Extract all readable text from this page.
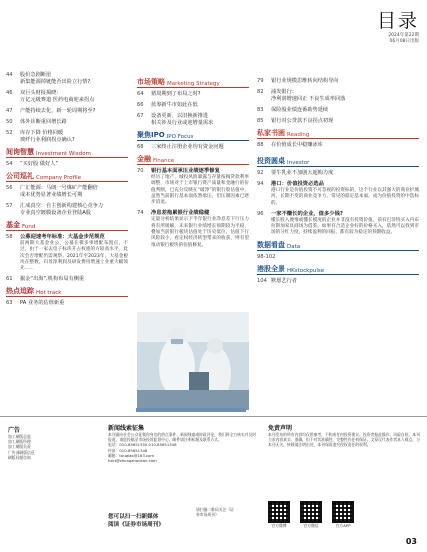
目录
2024年第22期
06月08日出版
44	股价急剧断崖
新集能源掉链能否出险立行情?
46	双巨头财报揭晓:
万亿元级赛道 医药电商迎来拐点
47	产能持续去化，新一轮周期将至?
50	体外诊断重回增长路
52	库存下降 价格回暖
玻纤行业利润拐点确认?
间询智慧 Investment Wisdom
54	“买好股 做好人”
公司巡礼 Company Profile
56	广汇能源：马朗一号煤矿产能翻倍
成本优势显著业绩增长可期
57	汇成真空：自主创新构建核心竞争力
专业真空镀膜设备企业登陆A股
基金 Fund
58	公募迎速考年标准：大基金步范规范
前两期大基金业公，公募在模多事增配布置点，不过，由于一家去电子标块开占权重的方较高水平，此次会否增配仍需观察。2021年至2023年，大基金板块在整数、归母净利润及研发费用增速上业重大幅领先……
61	掘金“出海”,机构布局有侧重
热点追踪 Hot track
63	PA 业务的估值新重
市场策略 Marketing Strategy
64	猪周期到了布局之时?
66	蓝筹新牛市如此在低
67	设备更新、以旧换新推进
相关涉及行业或迎增量需求
聚焦IPO IPO Focus
68	三家终止注册企业均有资金问题
金融 Finance
70	银行基本面承压业绩逐季修复
经历了地产、城投风险暴露与存量按揭贷款利率调整，市场对于上市银行资产质量和金融行的价值判断，已充分反映在“破净”的银行股估值中。虽然当前银行基本面依然承压，但压制因素已逐步消退。
74	净息差拖累银行业绩稳健
定量分析结果显示下半年银行业净息差下行压力将有所缓解，未来银行业绩增长预期较为平稳，叠加当前银行板块估值处于历史低位，估值下行风险较小，看定权经济转型带来的收获，则有望推动银行板块的估值修复。
79	银行业规模思维转向结构导向
82	浦发银行：
净利润增速回正 不良生成率回落
83	保险股业绩连番助势延续
85	银行对公贷款不良拐点初现
私家书画 Reading
88	在价值成长中稳赚冰库
投资圆桌 Investor
92	要牛乳业不加剧大超购力度
94	港口：价值投资必选品
港口行业是价值投资不可忽视的投资标的，这个行业以其强大的商业护城河、长期不变的商业竞争力、常见的稳定基本面，成为价值投资的中选标的。
96	一家不赚长的企业，值多少钱?
懂长股入便堆或懂长模度的企业并非没有投资价值，前有巴菲特买入内布拉斯加家具商场为借鉴，如果有合适企业好的价格买入，依然可以找到市场的分红力度，持续盈利的回报，都有较为稳定的预期收益。
数据看盘 Data
98-102
港股全景 HKstockpulse
104 默愿艺行者
广告
加工刷版总监
加工刷版经理
加工刷版负责
广告部刷版信息
刷版问题咨询
新闻线索征集
本刊面向社会公众征集你身边的热点事件、新闻线索或时政评论，我们将全力核实并及时报道。请您投稿至市场投诉监督中心，邮件请注明标题及联系方式。
电话：010-85651550 010-85651348
传真：010-85651348
邮箱：touqiao@163.com
hzkt@zhongzhoukan.com
免责声明
本刊发布的所有内容均仅供参考，不构成任何投资建议。投资者据此操作，风险自担。本刊力求内容真实、准确，但不对其准确性、完整性作任何保证。文章仅代表作者本人观点，与本刊无关。转载请注明出处，本刊保留追究侵权责任的权利。
您可以扫一扫新媒体
阅读《证券市场周刊》
请扫描二维码关注《证券市场周刊》
官方微博	官方微信	官方APP
03
